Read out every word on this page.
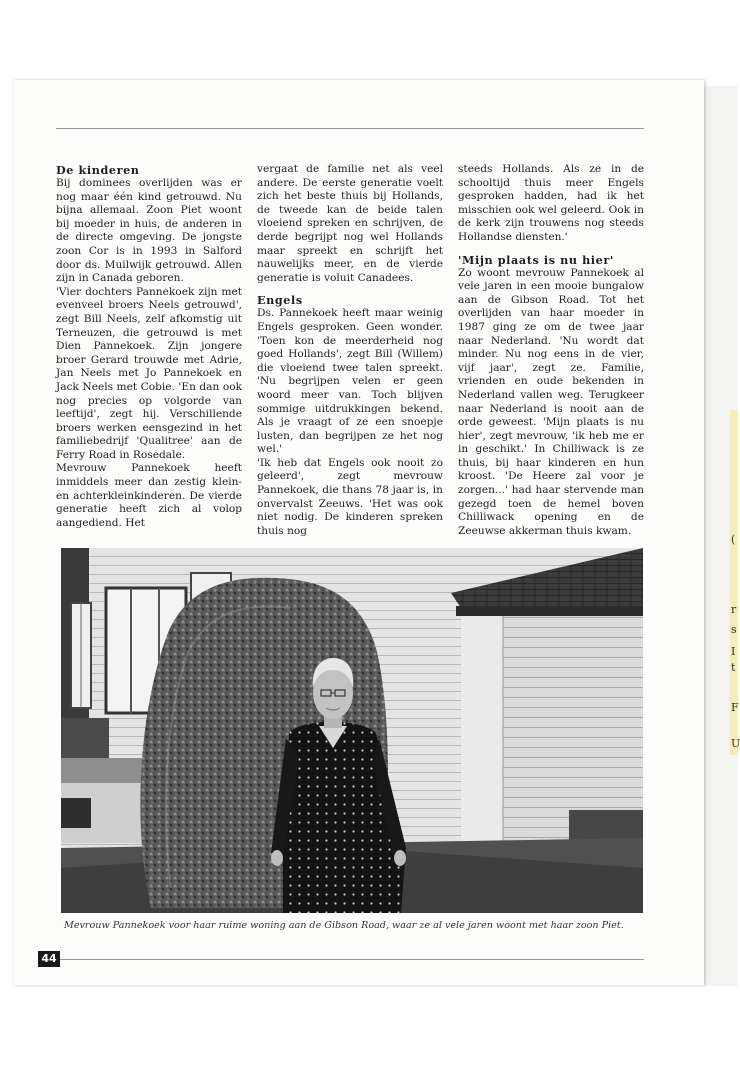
(
r
s
I
t
F
U
De kinderen

Bij dominees overlijden was er nog maar één kind getrouwd. Nu bijna allemaal. Zoon Piet woont bij moeder in huis, de anderen in de directe omgeving. De jongste zoon Cor is in 1993 in Salford door ds. Muilwijk getrouwd. Allen zijn in Canada geboren.

'Vier dochters Pannekoek zijn met evenveel broers Neels getrouwd', zegt Bill Neels, zelf afkomstig uit Terneuzen, die getrouwd is met Dien Pannekoek. Zijn jongere broer Gerard trouwde met Adrie, Jan Neels met Jo Pannekoek en Jack Neels met Cobie. 'En dan ook nog precies op volgorde van leeftijd', zegt hij. Verschillende broers werken eensgezind in het familiebedrijf 'Qualitree' aan de Ferry Road in Rosedale.

Mevrouw Pannekoek heeft inmiddels meer dan zestig klein- en achterkleinkinderen. De vierde generatie heeft zich al volop aangediend. Het

vergaat de familie net als veel andere. De eerste generatie voelt zich het beste thuis bij Hollands, de tweede kan de beide talen vloeiend spreken en schrijven, de derde begrijpt nog wel Hollands maar spreekt en schrijft het nauwelijks meer, en de vierde generatie is voluit Canadees.

Engels

Ds. Pannekoek heeft maar weinig Engels gesproken. Geen wonder. 'Toen kon de meerderheid nog goed Hollands', zegt Bill (Willem) die vloeiend twee talen spreekt. 'Nu begrijpen velen er geen woord meer van. Toch blijven sommige uitdrukkingen bekend. Als je vraagt of ze een snoepje lusten, dan begrijpen ze het nog wel.'

'Ik heb dat Engels ook nooit zo geleerd', zegt mevrouw Pannekoek, die thans 78 jaar is, in onvervalst Zeeuws. 'Het was ook niet nodig. De kinderen spreken thuis nog

steeds Hollands. Als ze in de schooltijd thuis meer Engels gesproken hadden, had ik het misschien ook wel geleerd. Ook in de kerk zijn trouwens nog steeds Hollandse diensten.'

'Mijn plaats is nu hier'

Zo woont mevrouw Pannekoek al vele jaren in een mooie bungalow aan de Gibson Road. Tot het overlijden van haar moeder in 1987 ging ze om de twee jaar naar Nederland. 'Nu wordt dat minder. Nu nog eens in de vier, vijf jaar', zegt ze. Familie, vrienden en oude bekenden in Nederland vallen weg. Terugkeer naar Nederland is nooit aan de orde geweest. 'Mijn plaats is nu hier', zegt mevrouw, 'ik heb me er in geschikt.' In Chilliwack is ze thuis, bij haar kinderen en hun kroost. 'De Heere zal voor je zorgen...' had haar stervende man gezegd toen de hemel boven Chilliwack opening en de Zeeuwse akkerman thuis kwam.

Mevrouw Pannekoek voor haar ruime woning aan de Gibson Road, waar ze al vele jaren woont met haar zoon Piet.
44
